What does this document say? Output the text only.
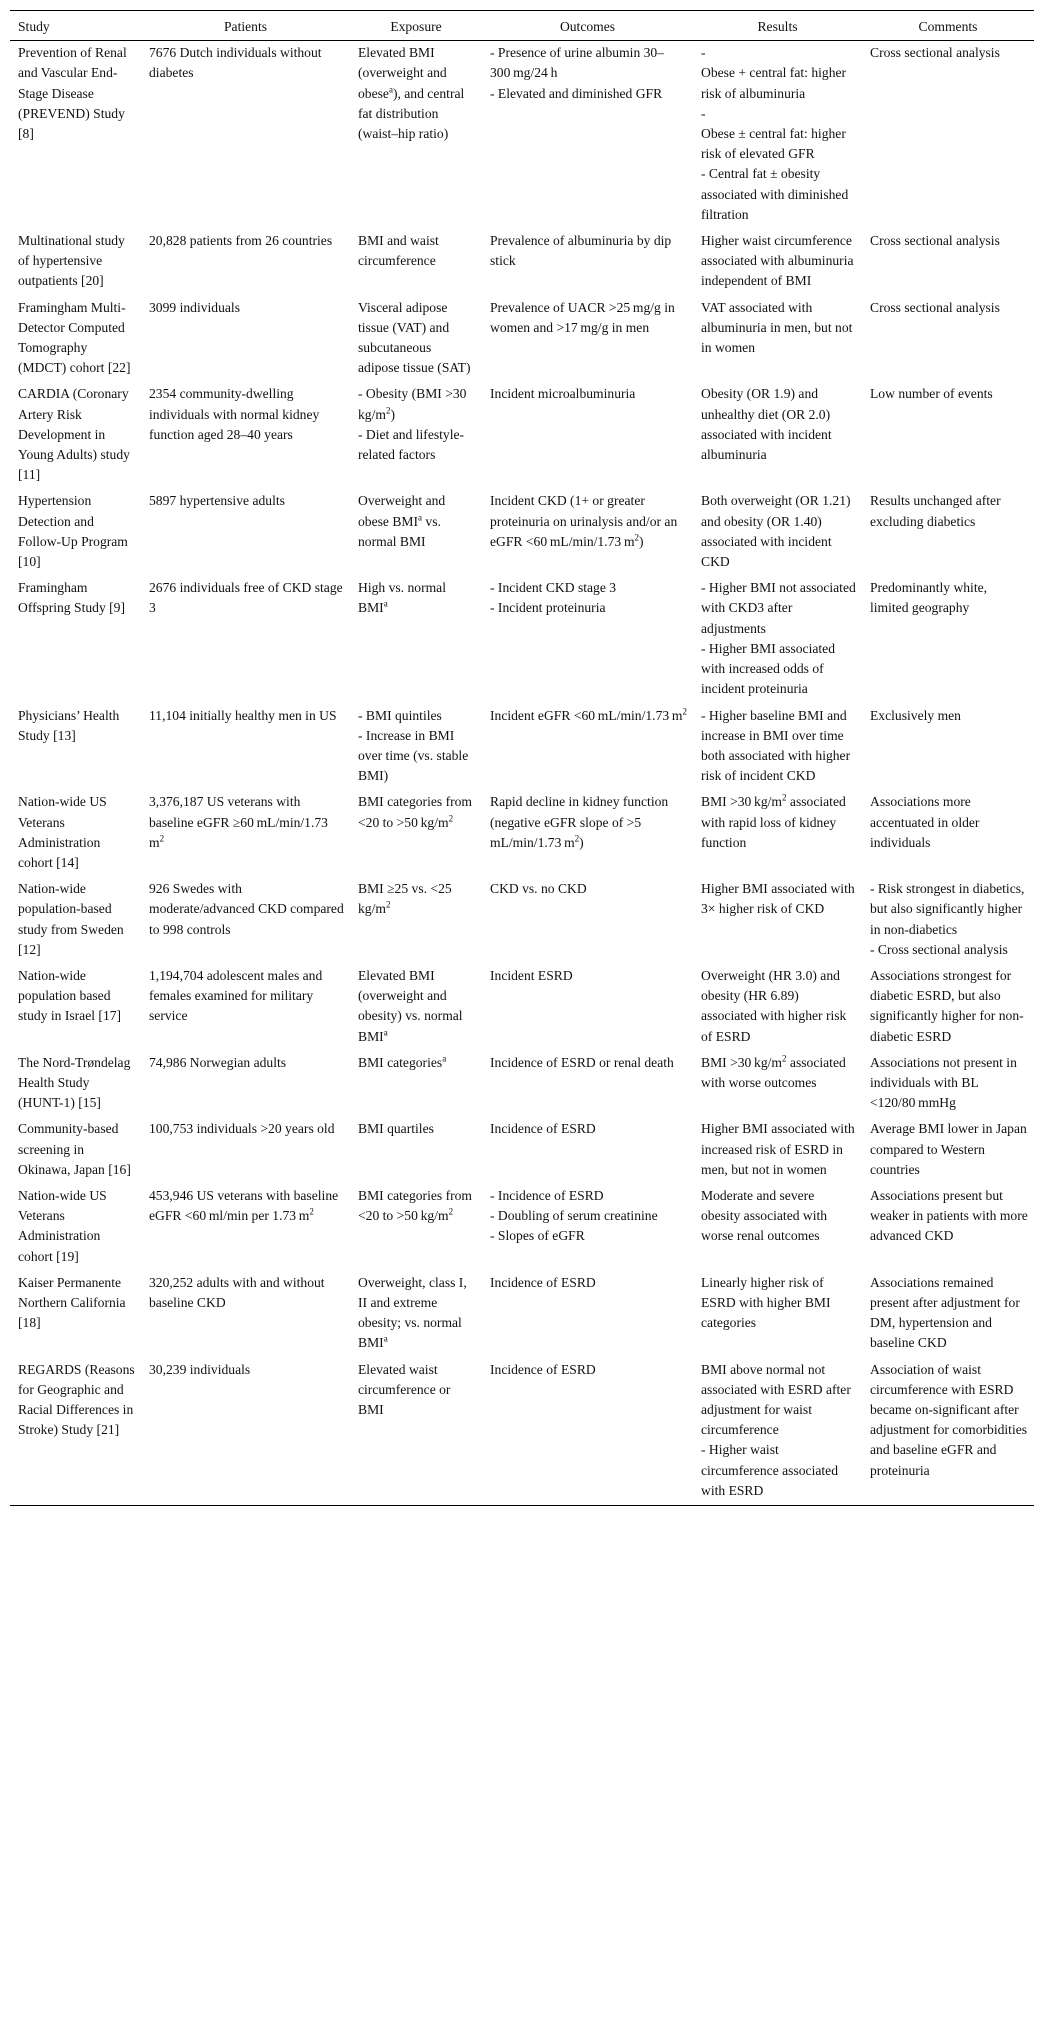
Study	Patients	Exposure	Outcomes	Results	Comments

Prevention of Renal and Vascular End-Stage Disease (PREVEND) Study [8]	7676 Dutch individuals without diabetes	Elevated BMI (overweight and obese$^a$), and central fat distribution (waist–hip ratio)	- Presence of urine albumin 30–300 mg/24 h
- Elevated and diminished GFR	-
Obese + central fat: higher risk of albuminuria
-
Obese ± central fat: higher risk of elevated GFR
- Central fat ± obesity associated with diminished filtration	Cross sectional analysis

Multinational study of hypertensive outpatients [20]	20,828 patients from 26 countries	BMI and waist circumference	Prevalence of albuminuria by dip stick	Higher waist circumference associated with albuminuria independent of BMI	Cross sectional analysis

Framingham Multi-Detector Computed Tomography (MDCT) cohort [22]	3099 individuals	Visceral adipose tissue (VAT) and subcutaneous adipose tissue (SAT)	Prevalence of UACR >25 mg/g in women and >17 mg/g in men	VAT associated with albuminuria in men, but not in women	Cross sectional analysis

CARDIA (Coronary Artery Risk Development in Young Adults) study [11]	2354 community-dwelling individuals with normal kidney function aged 28–40 years	- Obesity (BMI >30 $kg/m^2$)
- Diet and lifestyle-related factors	Incident microalbuminuria	Obesity (OR 1.9) and unhealthy diet (OR 2.0) associated with incident albuminuria	Low number of events

Hypertension Detection and Follow-Up Program [10]	5897 hypertensive adults	Overweight and obese BMI$^a$ vs. normal BMI	Incident CKD (1+ or greater proteinuria on urinalysis and/or an eGFR <60 mL/min/1.73 $m^2$)	Both overweight (OR 1.21) and obesity (OR 1.40) associated with incident CKD	Results unchanged after excluding diabetics

Framingham Offspring Study [9]	2676 individuals free of CKD stage 3	High vs. normal BMI$^a$	- Incident CKD stage 3
- Incident proteinuria	- Higher BMI not associated with CKD3 after adjustments
- Higher BMI associated with increased odds of incident proteinuria	Predominantly white, limited geography

Physicians’ Health Study [13]	11,104 initially healthy men in US	- BMI quintiles
- Increase in BMI over time (vs. stable BMI)	Incident eGFR <60 mL/min/1.73 $m^2$	- Higher baseline BMI and increase in BMI over time both associated with higher risk of incident CKD	Exclusively men

Nation-wide US Veterans Administration cohort [14]	3,376,187 US veterans with baseline eGFR ≥60 mL/min/1.73 $m^2$	BMI categories from <20 to >50 $kg/m^2$	Rapid decline in kidney function (negative eGFR slope of >5 mL/min/1.73 $m^2$)	BMI >30 $kg/m^2$ associated with rapid loss of kidney function	Associations more accentuated in older individuals

Nation-wide population-based study from Sweden [12]	926 Swedes with moderate/advanced CKD compared to 998 controls	BMI ≥25 vs. <25 $kg/m^2$	CKD vs. no CKD	Higher BMI associated with 3× higher risk of CKD	- Risk strongest in diabetics, but also significantly higher in non-diabetics
- Cross sectional analysis

Nation-wide population based study in Israel [17]	1,194,704 adolescent males and females examined for military service	Elevated BMI (overweight and obesity) vs. normal BMI$^a$	Incident ESRD	Overweight (HR 3.0) and obesity (HR 6.89) associated with higher risk of ESRD	Associations strongest for diabetic ESRD, but also significantly higher for non-diabetic ESRD

The Nord-Trøndelag Health Study (HUNT-1) [15]	74,986 Norwegian adults	BMI categories$^a$	Incidence of ESRD or renal death	BMI >30 $kg/m^2$ associated with worse outcomes	Associations not present in individuals with BL <120/80 mmHg

Community-based screening in Okinawa, Japan [16]	100,753 individuals >20 years old	BMI quartiles	Incidence of ESRD	Higher BMI associated with increased risk of ESRD in men, but not in women	Average BMI lower in Japan compared to Western countries

Nation-wide US Veterans Administration cohort [19]	453,946 US veterans with baseline eGFR <60 ml/min per 1.73 $m^2$	BMI categories from <20 to >50 $kg/m^2$	- Incidence of ESRD
- Doubling of serum creatinine
- Slopes of eGFR	Moderate and severe obesity associated with worse renal outcomes	Associations present but weaker in patients with more advanced CKD

Kaiser Permanente Northern California [18]	320,252 adults with and without baseline CKD	Overweight, class I, II and extreme obesity; vs. normal BMI$^a$	Incidence of ESRD	Linearly higher risk of ESRD with higher BMI categories	Associations remained present after adjustment for DM, hypertension and baseline CKD

REGARDS (Reasons for Geographic and Racial Differences in Stroke) Study [21]	30,239 individuals	Elevated waist circumference or BMI	Incidence of ESRD	BMI above normal not associated with ESRD after adjustment for waist circumference
- Higher waist circumference associated with ESRD	Association of waist circumference with ESRD became on-significant after adjustment for comorbidities and baseline eGFR and proteinuria
